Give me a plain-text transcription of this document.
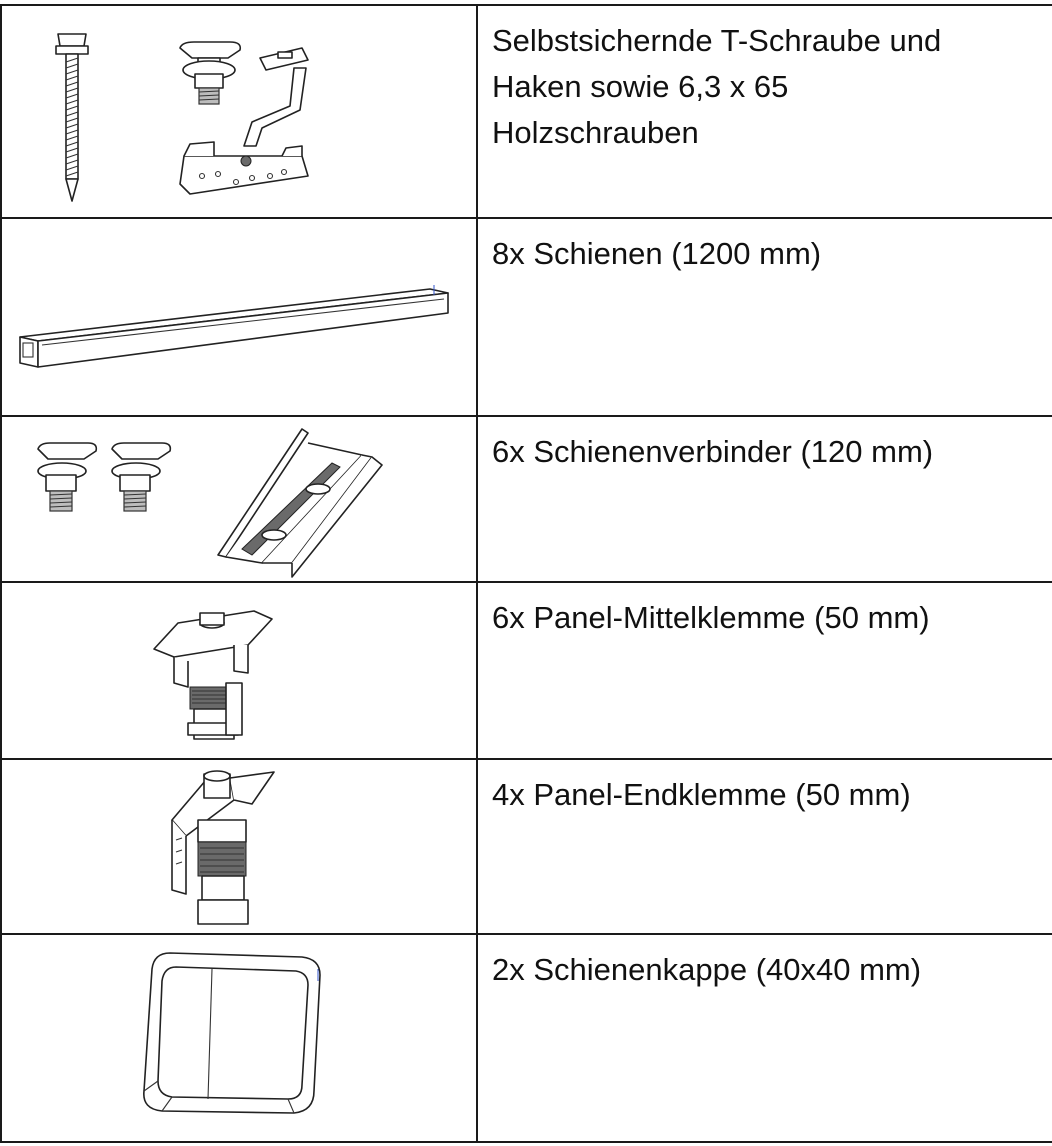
Selbstsichernde T-Schraube und
Haken sowie 6,3 x 65
Holzschrauben

8x Schienen (1200 mm)

6x Schienenverbinder (120 mm)

6x Panel-Mittelklemme (50 mm)

4x Panel-Endklemme (50 mm)

2x Schienenkappe (40x40 mm)
